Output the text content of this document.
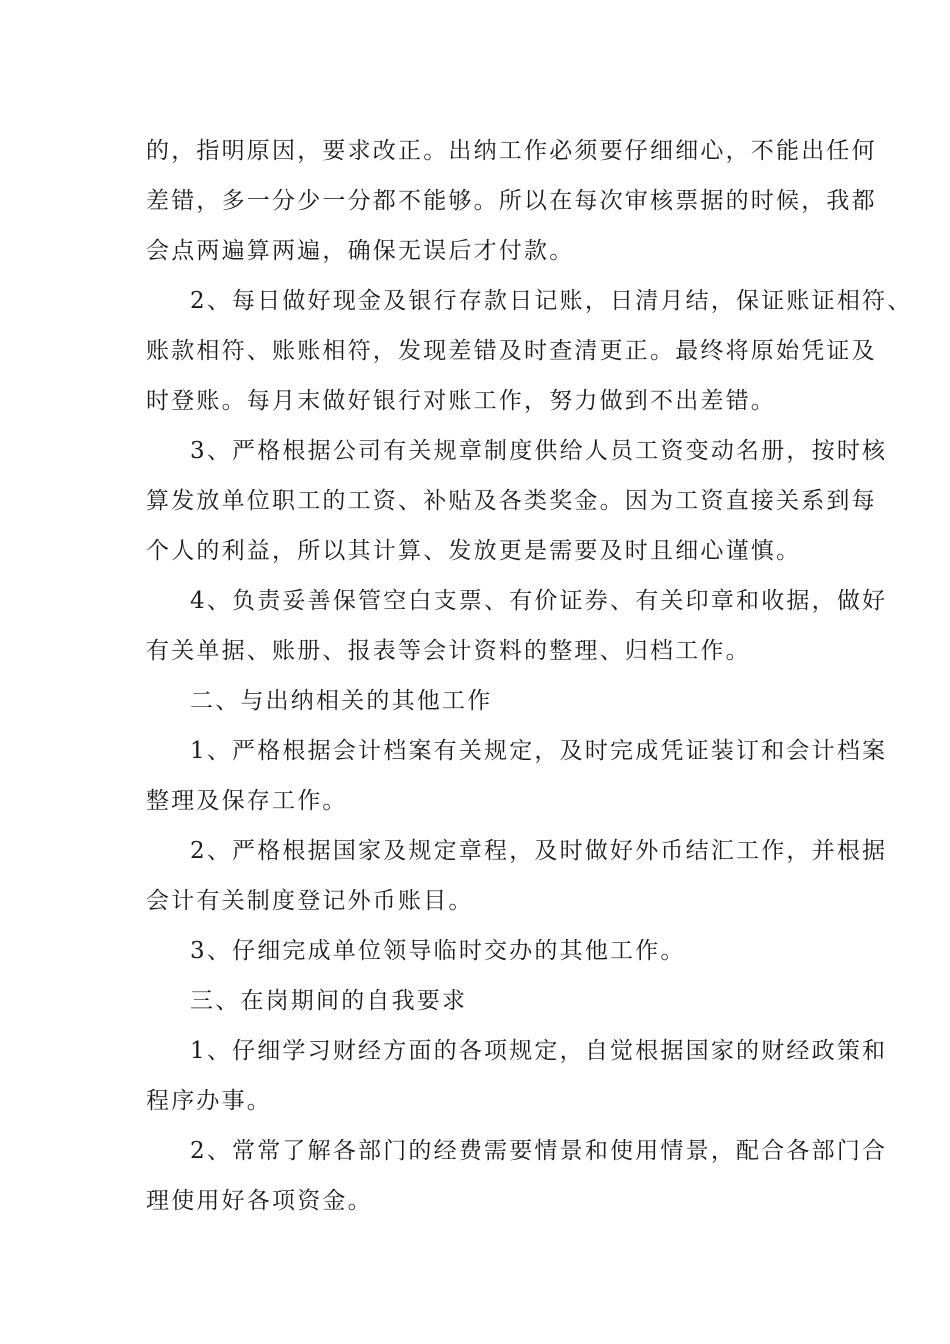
的，指明原因，要求改正。出纳工作必须要仔细细心，不能出任何

差错，多一分少一分都不能够。所以在每次审核票据的时候，我都

会点两遍算两遍，确保无误后才付款。

2、每日做好现金及银行存款日记账，日清月结，保证账证相符、

账款相符、账账相符，发现差错及时查清更正。最终将原始凭证及

时登账。每月末做好银行对账工作，努力做到不出差错。

3、严格根据公司有关规章制度供给人员工资变动名册，按时核

算发放单位职工的工资、补贴及各类奖金。因为工资直接关系到每

个人的利益，所以其计算、发放更是需要及时且细心谨慎。

4、负责妥善保管空白支票、有价证券、有关印章和收据，做好

有关单据、账册、报表等会计资料的整理、归档工作。

二、与出纳相关的其他工作

1、严格根据会计档案有关规定，及时完成凭证装订和会计档案

整理及保存工作。

2、严格根据国家及规定章程，及时做好外币结汇工作，并根据

会计有关制度登记外币账目。

3、仔细完成单位领导临时交办的其他工作。

三、在岗期间的自我要求

1、仔细学习财经方面的各项规定，自觉根据国家的财经政策和

程序办事。

2、常常了解各部门的经费需要情景和使用情景，配合各部门合

理使用好各项资金。
